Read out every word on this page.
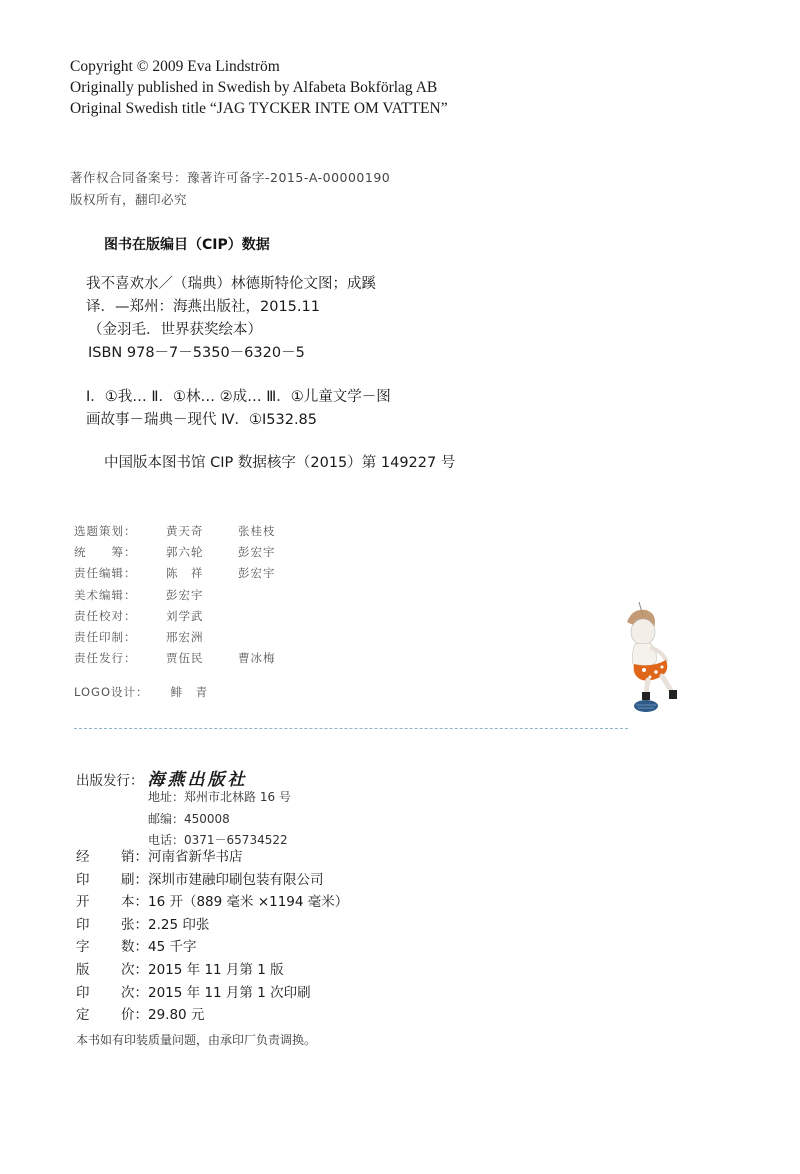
Copyright © 2009 Eva Lindström
Originally published in Swedish by Alfabeta Bokförlag AB
Original Swedish title “JAG TYCKER INTE OM VATTEN”
著作权合同备案号：豫著许可备字-2015-A-00000190
版权所有，翻印必究
图书在版编目（CIP）数据
我不喜欢水／（瑞典）林德斯特伦文图；成蹊
译．—郑州：海燕出版社，2015.11
（金羽毛．世界获奖绘本）
ISBN 978－7－5350－6320－5
Ⅰ．①我… Ⅱ．①林… ②成… Ⅲ．①儿童文学－图
画故事－瑞典－现代 Ⅳ．①I532.85
中国版本图书馆 CIP 数据核字（2015）第 149227 号
选题策划：	黄天奇	张桂枝
统　　筹：	郭六轮	彭宏宇
责任编辑：	陈　祥	彭宏宇
美术编辑：	彭宏宇
责任校对：	刘学武
责任印制：	邢宏洲
责任发行：	贾伍民	曹冰梅
LOGO设计： 鲱　青
出版发行： 海燕出版社
地址：郑州市北林路 16 号
邮编：450008
电话：0371－65734522
经 销： 河南省新华书店
印 刷： 深圳市建融印刷包装有限公司
开 本： 16 开（889 毫米 ×1194 毫米）
印 张： 2.25 印张
字 数： 45 千字
版 次： 2015 年 11 月第 1 版
印 次： 2015 年 11 月第 1 次印刷
定 价： 29.80 元
本书如有印装质量问题，由承印厂负责调换。
